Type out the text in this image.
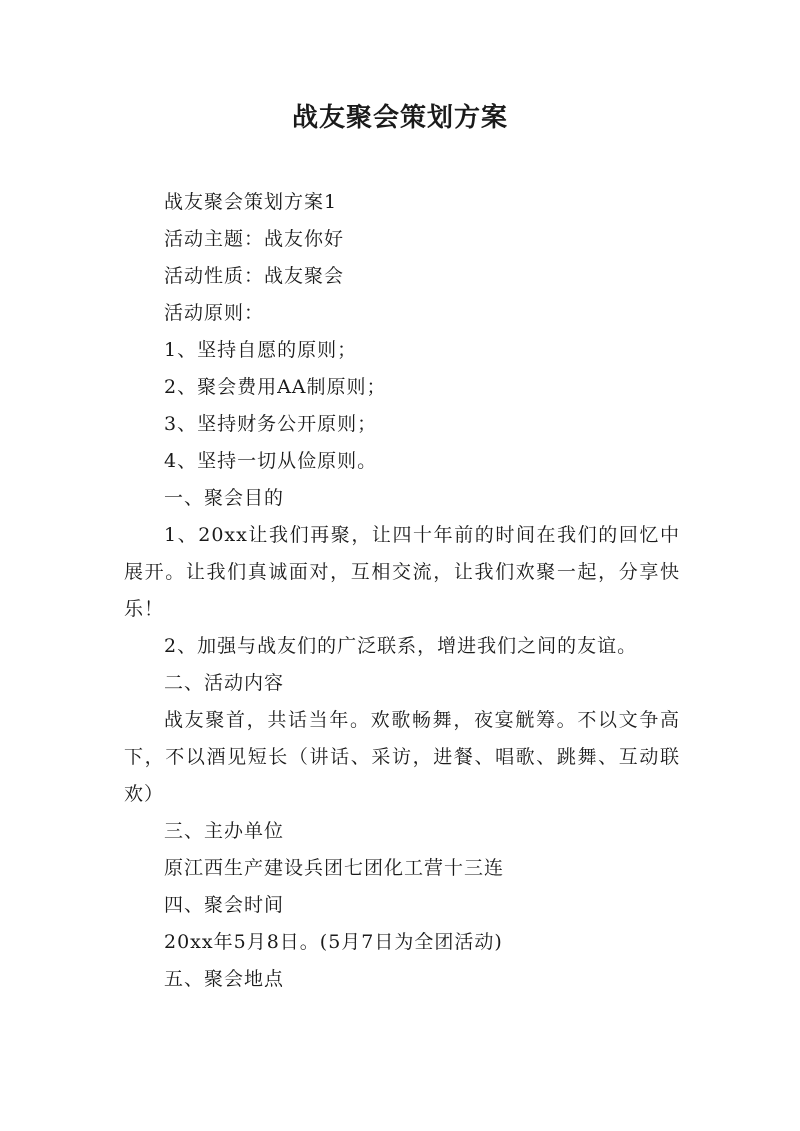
战友聚会策划方案
战友聚会策划方案1
活动主题：战友你好
活动性质：战友聚会
活动原则：
1、坚持自愿的原则；
2、聚会费用AA制原则；
3、坚持财务公开原则；
4、坚持一切从俭原则。
一、聚会目的

1、20xx让我们再聚，让四十年前的时间在我们的回忆中展开。让我们真诚面对，互相交流，让我们欢聚一起，分享快乐！

2、加强与战友们的广泛联系，增进我们之间的友谊。

二、活动内容

战友聚首，共话当年。欢歌畅舞，夜宴觥筹。不以文争高下，不以酒见短长（讲话、采访，进餐、唱歌、跳舞、互动联欢）

三、主办单位
原江西生产建设兵团七团化工营十三连
四、聚会时间
20xx年5月8日。(5月7日为全团活动)
五、聚会地点
